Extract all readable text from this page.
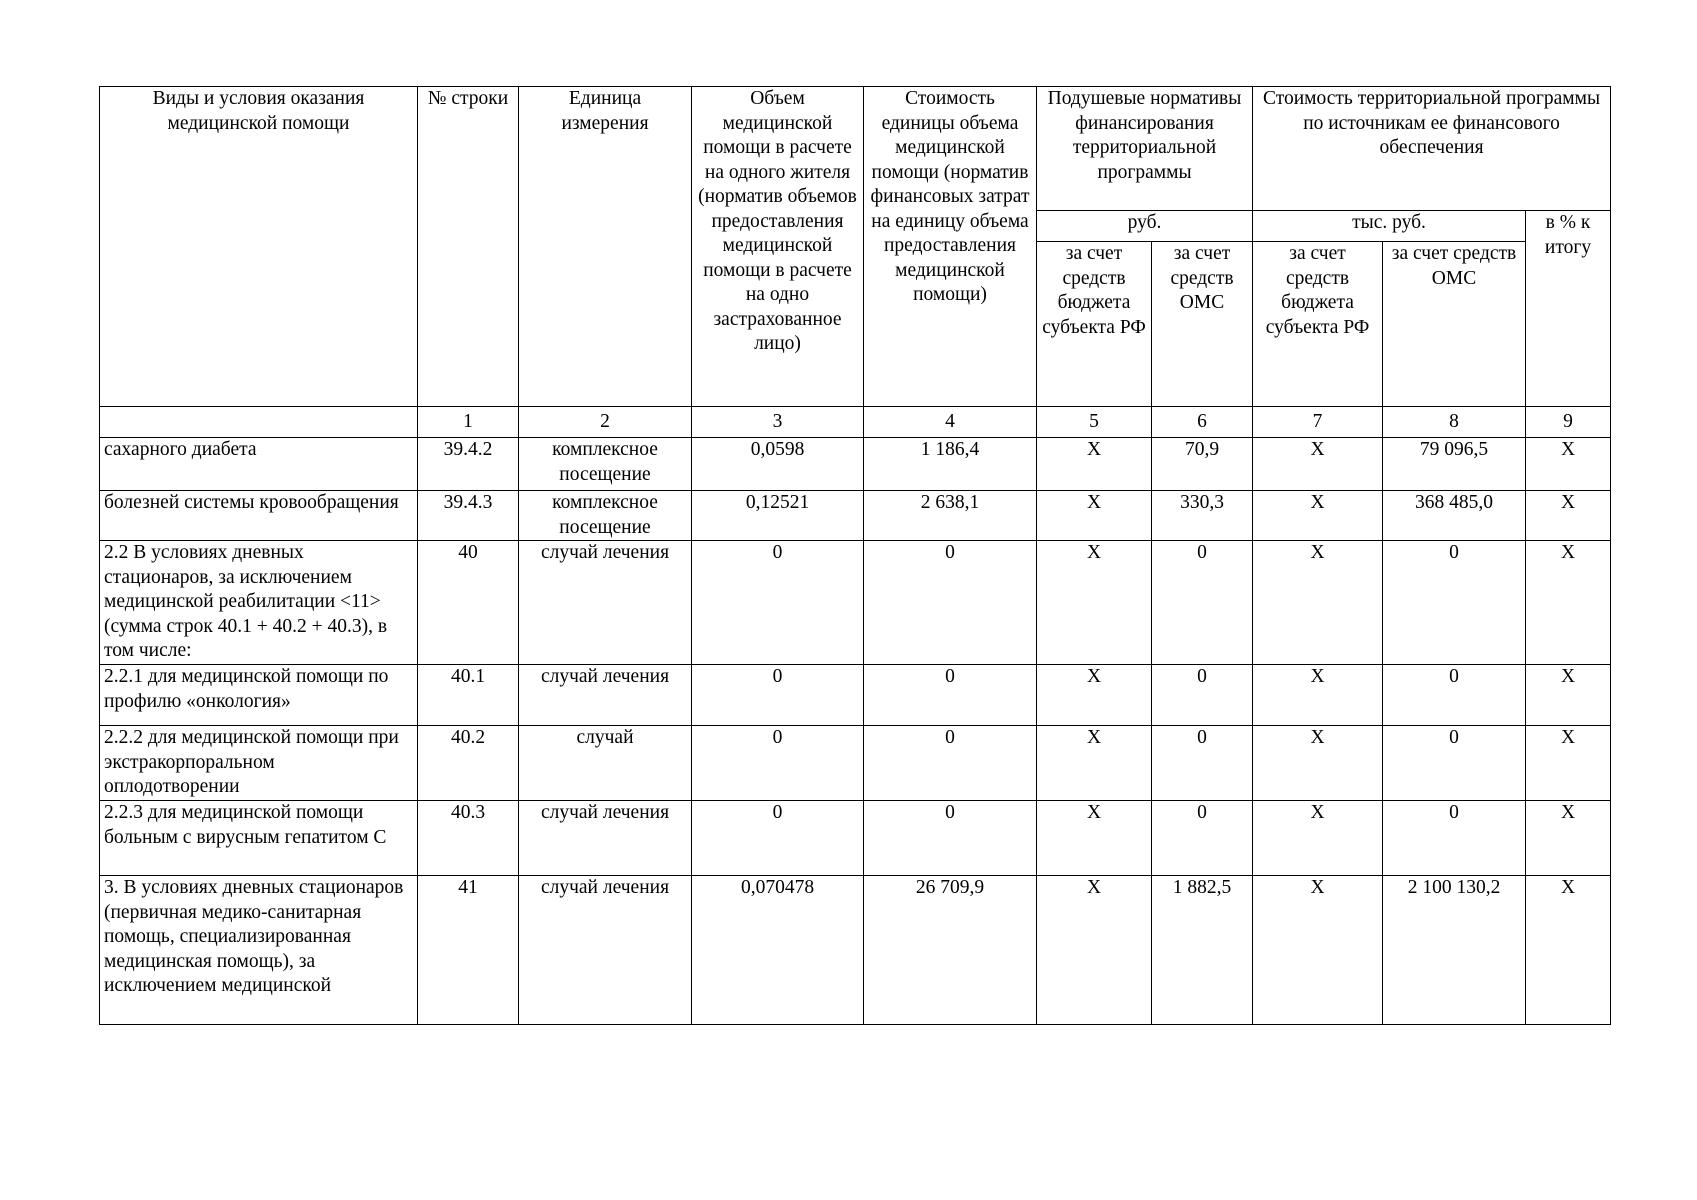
Виды и условия оказания медицинской помощи	№ строки	Единица измерения	Объем медицинской помощи в расчете на одного жителя (норматив объемов предоставления медицинской помощи в расчете на одно застрахованное лицо)	Стоимость единицы объема медицинской помощи (норматив финансовых затрат на единицу объема предоставления медицинской помощи)	Подушевые нормативы финансирования территориальной программы		Стоимость территориальной программы по источникам ее финансового обеспечения		
					руб.		тыс. руб.		в % к итогу
					за счет средств бюджета субъекта РФ	за счет средств ОМС	за счет средств бюджета субъекта РФ	за счет средств ОМС	
	1	2	3	4	5	6	7	8	9
сахарного диабета	39.4.2	комплексное посещение	0,0598	1 186,4	Х	70,9	Х	79 096,5	Х
болезней системы кровообращения	39.4.3	комплексное посещение	0,12521	2 638,1	Х	330,3	Х	368 485,0	Х
2.2 В условиях дневных стационаров, за исключением медицинской реабилитации <11> (сумма строк 40.1 + 40.2 + 40.3), в том числе:	40	случай лечения	0	0	Х	0	Х	0	Х
2.2.1 для медицинской помощи по профилю «онкология»	40.1	случай лечения	0	0	Х	0	Х	0	Х
2.2.2 для медицинской помощи при экстракорпоральном оплодотворении	40.2	случай	0	0	Х	0	Х	0	Х
2.2.3 для медицинской помощи больным с вирусным гепатитом С	40.3	случай лечения	0	0	Х	0	Х	0	Х
3. В условиях дневных стационаров (первичная медико-санитарная помощь, специализированная медицинская помощь), за исключением медицинской	41	случай лечения	0,070478	26 709,9	Х	1 882,5	Х	2 100 130,2	Х
